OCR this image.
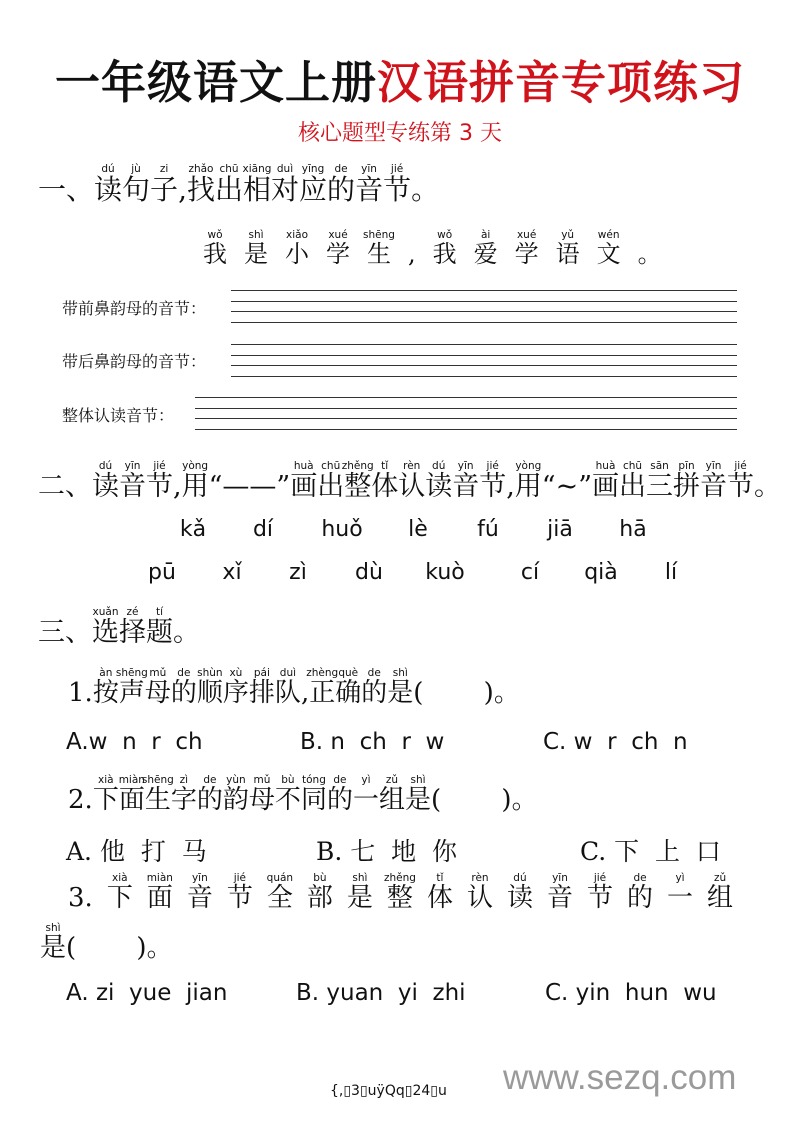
一年级语文上册汉语拼音专项练习
核心题型专练第 3 天
一、
dú
读
jù
句
zi
子 ,
zhǎo
找
chū
出
xiāng
相
duì
对
yīng
应
de
的
yīn
音
jié
节 。
wǒ
我
shì
是
xiǎo
小
xué
学
shēng
生 ,
wǒ
我
ài
爱
xué
学
yǔ
语
wén
文 。
带前鼻韵母的音节：
带后鼻韵母的音节：
整体认读音节：
二、
dú
读
yīn
音
jié
节 ,
yòng
用 “——”
huà
画
chū
出
zhěng
整
tǐ
体
rèn
认
dú
读
yīn
音
jié
节 ,
yòng
用 “~”
huà
画
chū
出
sān
三
pīn
拼
yīn
音
jié
节 。
kǎ dí huǒ lè fú jiā hā
pū xǐ zì dù kuò	cí qià lí
三、
xuǎn
选
zé
择
tí
题 。
1.
àn
按
shēng
声
mǔ
母
de
的
shùn
顺
xù
序
pái
排
duì
队 ,
zhèng
正
què
确
de
的
shì
是 (　　 )。
A.w  n  r  ch	B. n  ch  r  w	C. w  r  ch  n
2.
xià
下
miàn
面
shēng
生
zì
字
de
的
yùn
韵
mǔ
母
bù
不
tóng
同
de
的
yì
一
zǔ
组
shì
是 (　　 )。
A. 他  打  马	B. 七  地  你	C. 下  上  口
3.
xià
下
miàn
面
yīn
音
jié
节
quán
全
bù
部
shì
是
zhěng
整
tǐ
体
rèn
认
dú
读
yīn
音
jié
节
de
的
yì
一
zǔ
组
shì
是 (　　 )。
A. zi  yue  jian	B. yuan  yi  zhi	C. yin  hun  wu
{,▯3▯uÿQq▯24▯u www.sezq.com
